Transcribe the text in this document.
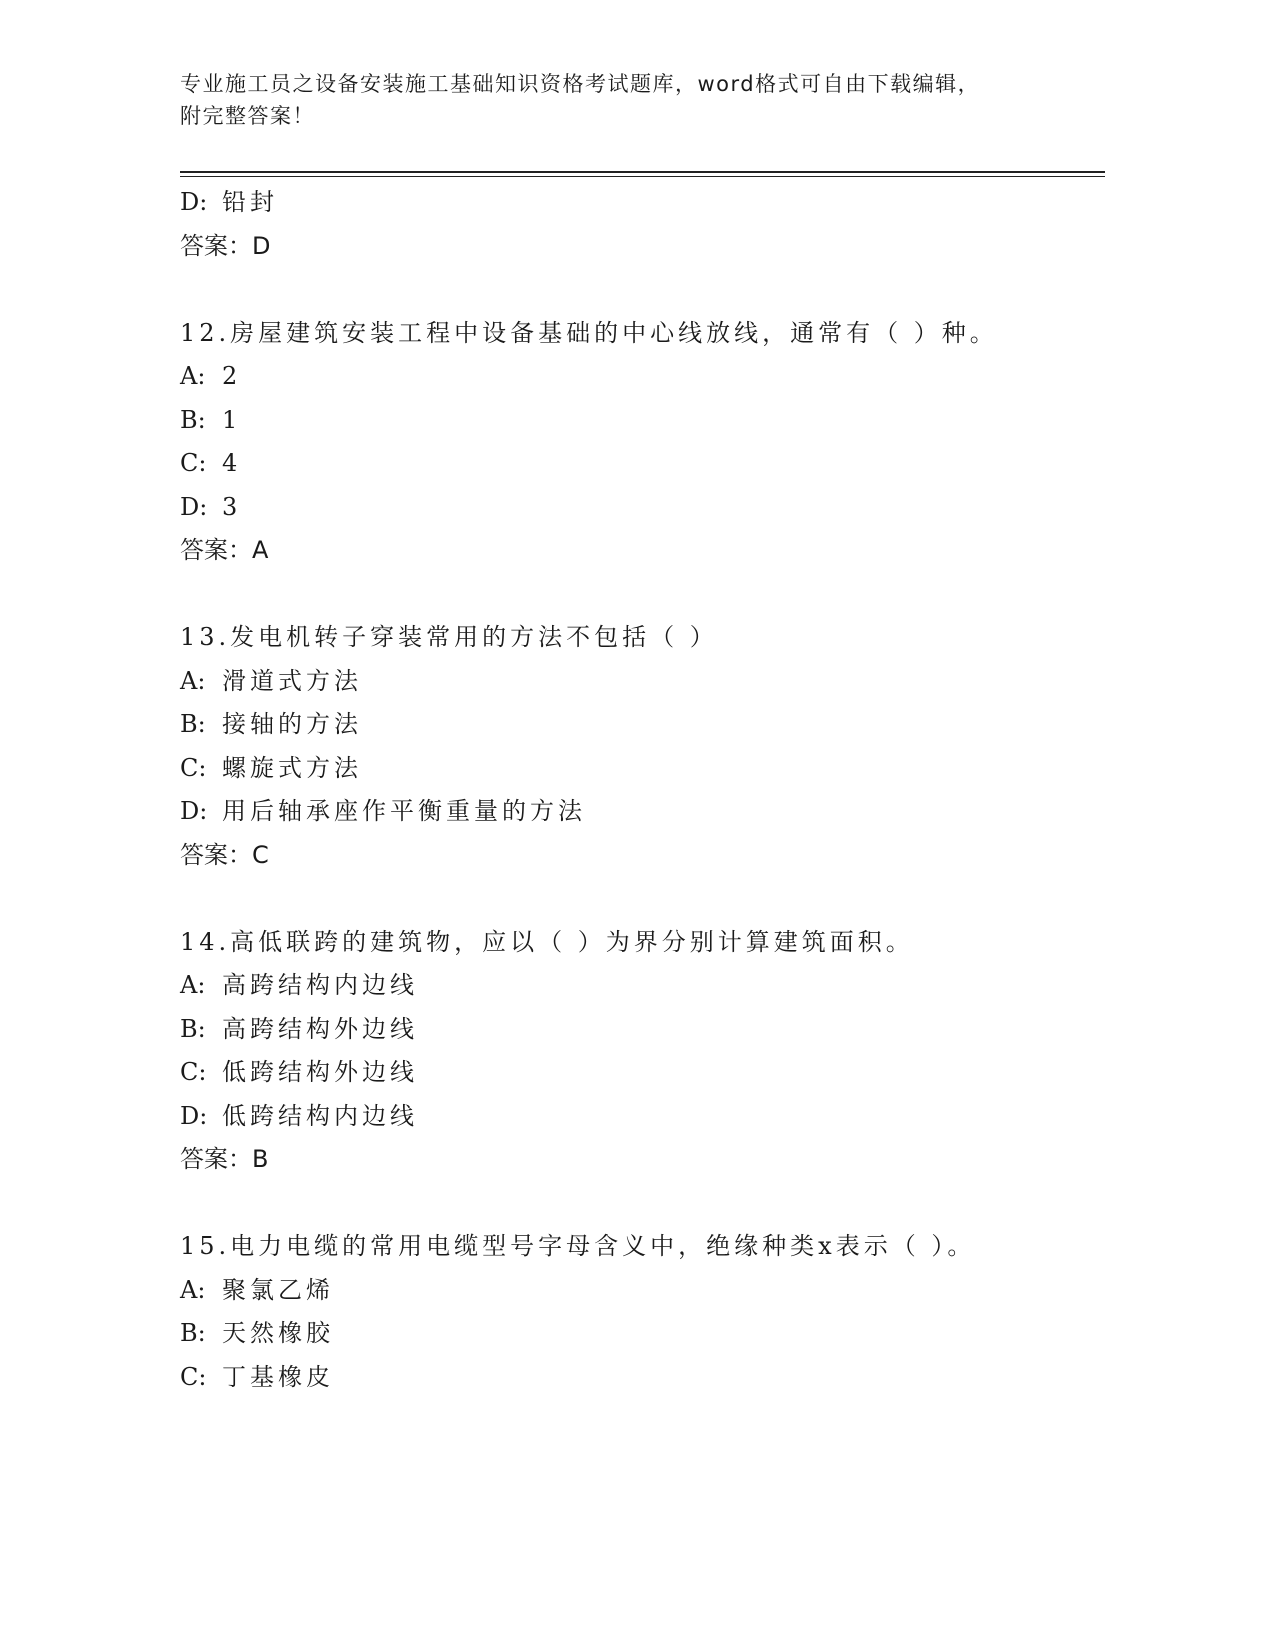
专业施工员之设备安装施工基础知识资格考试题库，word格式可自由下载编辑，
附完整答案！
D: 铅封
答案：D
12.房屋建筑安装工程中设备基础的中心线放线，通常有（ ）种。
A: 2
B: 1
C: 4
D: 3
答案：A
13.发电机转子穿装常用的方法不包括（ ）
A: 滑道式方法
B: 接轴的方法
C: 螺旋式方法
D: 用后轴承座作平衡重量的方法
答案：C
14.高低联跨的建筑物，应以（ ）为界分别计算建筑面积。
A: 高跨结构内边线
B: 高跨结构外边线
C: 低跨结构外边线
D: 低跨结构内边线
答案：B
15.电力电缆的常用电缆型号字母含义中，绝缘种类x表示（ ）。
A: 聚氯乙烯
B: 天然橡胶
C: 丁基橡皮
